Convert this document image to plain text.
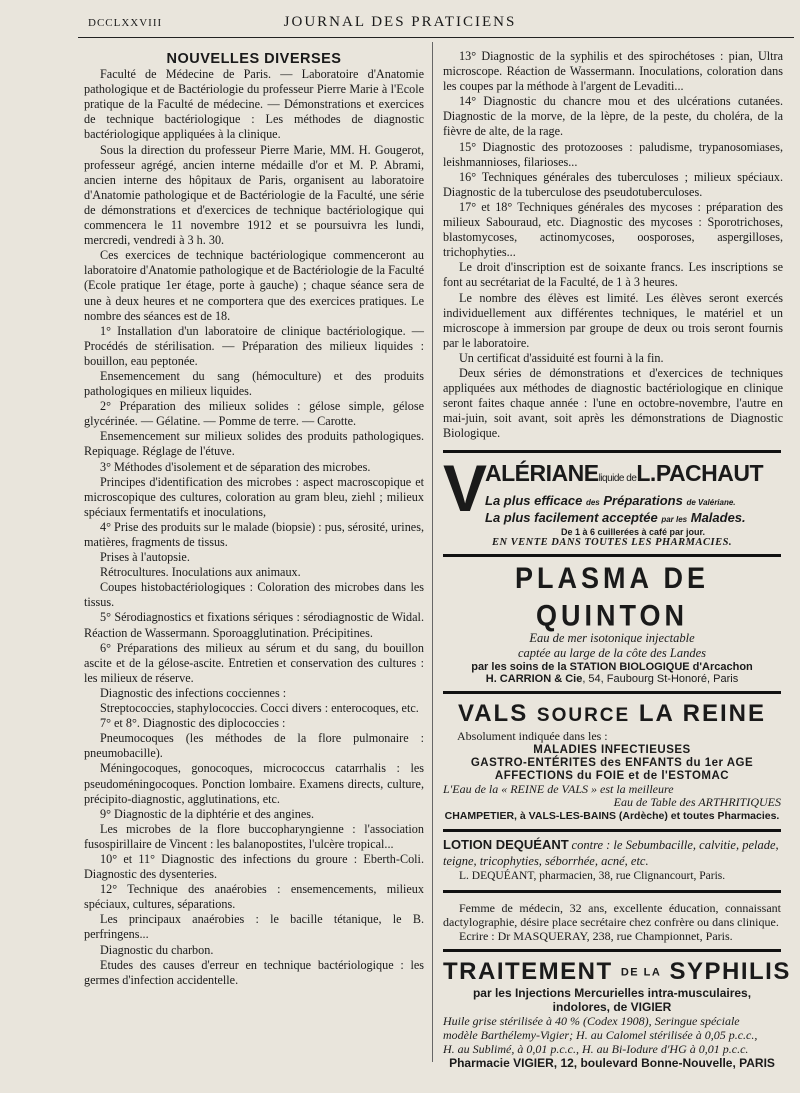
DCCLXXVIII	JOURNAL DES PRATICIENS

NOUVELLES DIVERSES

Faculté de Médecine de Paris. — Laboratoire d'Anatomie pathologique et de Bactériologie du professeur Pierre Marie à l'Ecole pratique de la Faculté de médecine. — Démonstrations et exercices de technique bactériologique : Les méthodes de diagnostic bactériologique appliquées à la clinique.

Sous la direction du professeur Pierre Marie, MM. H. Gougerot, professeur agrégé, ancien interne médaille d'or et M. P. Abrami, ancien interne des hôpitaux de Paris, organisent au laboratoire d'Anatomie pathologique et de Bactériologie de la Faculté, une série de démonstrations et d'exercices de technique bactériologique qui commencera le 11 novembre 1912 et se poursuivra les lundi, mercredi, vendredi à 3 h. 30.

Ces exercices de technique bactériologique commenceront au laboratoire d'Anatomie pathologique et de Bactériologie de la Faculté (Ecole pratique 1er étage, porte à gauche) ; chaque séance sera de une à deux heures et ne comportera que des exercices pratiques. Le nombre des séances est de 18.

1° Installation d'un laboratoire de clinique bactériologique. — Procédés de stérilisation. — Préparation des milieux liquides : bouillon, eau peptonée.

Ensemencement du sang (hémoculture) et des produits pathologiques en milieux liquides.

2° Préparation des milieux solides : gélose simple, gélose glycérinée. — Gélatine. — Pomme de terre. — Carotte.

Ensemencement sur milieux solides des produits pathologiques. Repiquage. Réglage de l'étuve.

3° Méthodes d'isolement et de séparation des microbes.

Principes d'identification des microbes : aspect macroscopique et microscopique des cultures, coloration au gram bleu, ziehl ; milieux spéciaux fermentatifs et inoculations,

4° Prise des produits sur le malade (biopsie) : pus, sérosité, urines, matières, fragments de tissus.

Prises à l'autopsie.

Rétrocultures. Inoculations aux animaux.

Coupes histobactériologiques : Coloration des microbes dans les tissus.

5° Sérodiagnostics et fixations sériques : sérodiagnostic de Widal. Réaction de Wassermann. Sporoagglutination. Précipitines.

6° Préparations des milieux au sérum et du sang, du bouillon ascite et de la gélose-ascite. Entretien et conservation des cultures : les milieux de réserve.

Diagnostic des infections cocciennes :

Streptococcies, staphylococcies. Cocci divers : enterocoques, etc.

7° et 8°. Diagnostic des diplococcies :

Pneumocoques (les méthodes de la flore pulmonaire : pneumobacille).

Méningocoques, gonocoques, micrococcus catarrhalis : les pseudoméningocoques. Ponction lombaire. Examens directs, culture, précipito-diagnostic, agglutinations, etc.

9° Diagnostic de la diphtérie et des angines.

Les microbes de la flore buccopharyngienne : l'association fusospirillaire de Vincent : les balanopostites, l'ulcère tropical...

10° et 11° Diagnostic des infections du groure : Eberth-Coli. Diagnostic des dysenteries.

12° Technique des anaérobies : ensemencements, milieux spéciaux, cultures, séparations.

Les principaux anaérobies : le bacille tétanique, le B. perfringens...

Diagnostic du charbon.

Etudes des causes d'erreur en technique bactériologique : les germes d'infection accidentelle.

13° Diagnostic de la syphilis et des spirochétoses : pian, Ultra microscope. Réaction de Wassermann. Inoculations, coloration dans les coupes par la méthode à l'argent de Levaditi...

14° Diagnostic du chancre mou et des ulcérations cutanées. Diagnostic de la morve, de la lèpre, de la peste, du choléra, de la fièvre de alte, de la rage.

15° Diagnostic des protozooses : paludisme, trypanosomiases, leishmannioses, filarioses...

16° Techniques générales des tuberculoses ; milieux spéciaux. Diagnostic de la tuberculose des pseudotuberculoses.

17° et 18° Techniques générales des mycoses : préparation des milieux Sabouraud, etc. Diagnostic des mycoses : Sporotrichoses, blastomycoses, actinomycoses, oosporoses, aspergilloses, trichophyties...

Le droit d'inscription est de soixante francs. Les inscriptions se font au secrétariat de la Faculté, de 1 à 3 heures.

Le nombre des élèves est limité. Les élèves seront exercés individuellement aux différentes techniques, le matériel et un microscope à immersion par groupe de deux ou trois seront fournis par le laboratoire.

Un certificat d'assiduité est fourni à la fin.

Deux séries de démonstrations et d'exercices de techniques appliquées aux méthodes de diagnostic bactériologique en clinique seront faites chaque année : l'une en octobre-novembre, l'autre en mai-juin, soit avant, soit après les démonstrations de Diagnostic Biologique.

V
ALÉRIANEliquide deL.PACHAUT
La plus efficace des Préparations de Valériane.
La plus facilement acceptée par les Malades.
De 1 à 6 cuillerées à café par jour.
EN VENTE DANS TOUTES LES PHARMACIES.
PLASMA DE QUINTON
Eau de mer isotonique injectable
captée au large de la côte des Landes
par les soins de la STATION BIOLOGIQUE d'Arcachon
H. CARRION & Cie, 54, Faubourg St-Honoré, Paris
VALS SOURCE LA REINE
Absolument indiquée dans les :
MALADIES INFECTIEUSES
GASTRO-ENTÉRITES des ENFANTS du 1er AGE
AFFECTIONS du FOIE et de l'ESTOMAC
L'Eau de la « REINE de VALS » est la meilleure
Eau de Table des ARTHRITIQUES
CHAMPETIER, à VALS-LES-BAINS (Ardèche) et toutes Pharmacies.
LOTION DEQUÉANT contre : le Sebumbacille, calvitie, pelade, teigne, tricophyties, séborrhée, acné, etc.
L. DEQUÉANT, pharmacien, 38, rue Clignancourt, Paris.

Femme de médecin, 32 ans, excellente éducation, connaissant dactylographie, désire place secrétaire chez confrère ou dans clinique.

Ecrire : Dr MASQUERAY, 238, rue Championnet, Paris.

TRAITEMENT DE LA SYPHILIS
par les Injections Mercurielles intra-musculaires,
indolores, de VIGIER
Huile grise stérilisée à 40 % (Codex 1908), Seringue spéciale
modèle Barthélemy-Vigier; H. au Calomel stérilisée à 0,05 p.c.c.,
H. au Sublimé, à 0,01 p.c.c., H. au Bi-Iodure d'HG à 0,01 p.c.c.
Pharmacie VIGIER, 12, boulevard Bonne-Nouvelle, PARIS
